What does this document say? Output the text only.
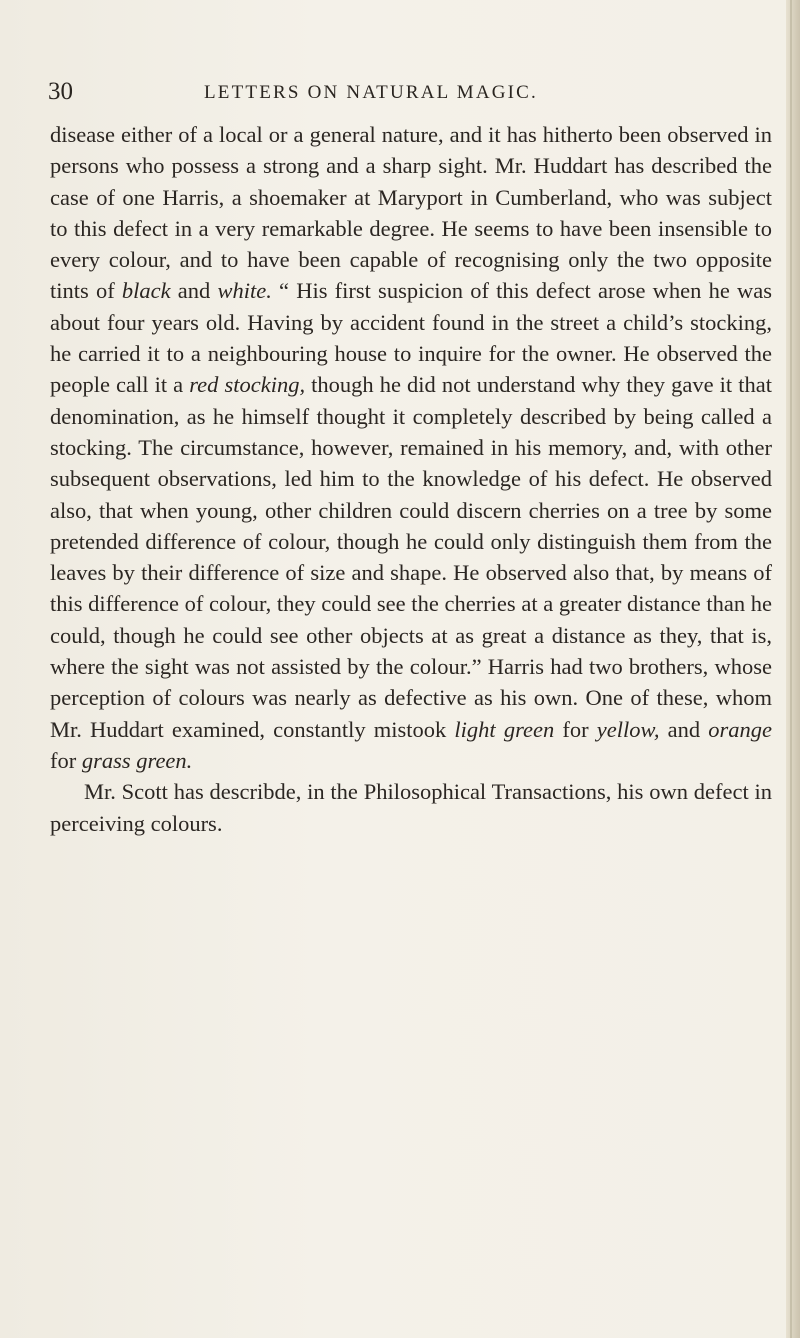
30	LETTERS ON NATURAL MAGIC.

disease either of a local or a general nature, and it has hitherto been observed in persons who possess a strong and a sharp sight. Mr. Huddart has described the case of one Harris, a shoemaker at Maryport in Cumberland, who was subject to this defect in a very remarkable degree. He seems to have been insensible to every colour, and to have been capable of recognising only the two opposite tints of black and white. “ His first suspicion of this defect arose when he was about four years old. Having by accident found in the street a child’s stocking, he carried it to a neighbouring house to inquire for the owner. He observed the people call it a red stocking, though he did not understand why they gave it that denomination, as he himself thought it completely described by being called a stocking. The circumstance, however, remained in his memory, and, with other subsequent observations, led him to the knowledge of his defect. He observed also, that when young, other children could discern cherries on a tree by some pretended difference of colour, though he could only distinguish them from the leaves by their difference of size and shape. He observed also that, by means of this difference of colour, they could see the cherries at a greater distance than he could, though he could see other objects at as great a distance as they, that is, where the sight was not assisted by the colour.” Harris had two brothers, whose perception of colours was nearly as defective as his own. One of these, whom Mr. Huddart examined, constantly mistook light green for yellow, and orange for grass green.

Mr. Scott has describde, in the Philosophical Transactions, his own defect in perceiving colours.
